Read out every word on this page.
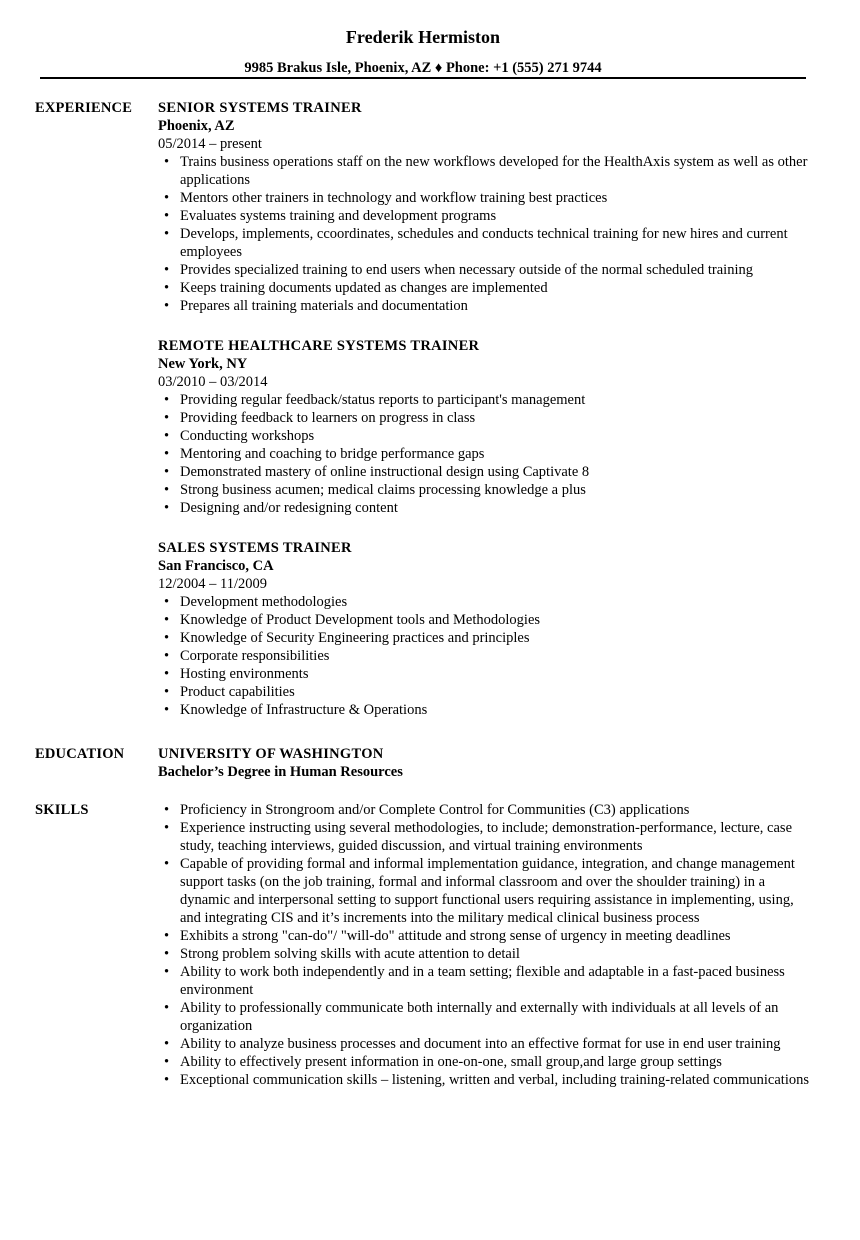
Frederik Hermiston
9985 Brakus Isle, Phoenix, AZ ♦ Phone: +1 (555) 271 9744
EXPERIENCE SENIOR SYSTEMS TRAINER
Phoenix, AZ
05/2014 – present
• Trains business operations staff on the new workflows developed for the HealthAxis system as well as other applications
• Mentors other trainers in technology and workflow training best practices
• Evaluates systems training and development programs
• Develops, implements, ccoordinates, schedules and conducts technical training for new hires and current employees
• Provides specialized training to end users when necessary outside of the normal scheduled training
• Keeps training documents updated as changes are implemented
• Prepares all training materials and documentation
REMOTE HEALTHCARE SYSTEMS TRAINER
New York, NY
03/2010 – 03/2014
• Providing regular feedback/status reports to participant's management
• Providing feedback to learners on progress in class
• Conducting workshops
• Mentoring and coaching to bridge performance gaps
• Demonstrated mastery of online instructional design using Captivate 8
• Strong business acumen; medical claims processing knowledge a plus
• Designing and/or redesigning content
SALES SYSTEMS TRAINER
San Francisco, CA
12/2004 – 11/2009
• Development methodologies
• Knowledge of Product Development tools and Methodologies
• Knowledge of Security Engineering practices and principles
• Corporate responsibilities
• Hosting environments
• Product capabilities
• Knowledge of Infrastructure & Operations
EDUCATION UNIVERSITY OF WASHINGTON
Bachelor’s Degree in Human Resources
SKILLS
•	Proficiency in Strongroom and/or Complete Control for Communities (C3) applications
• Experience instructing using several methodologies, to include; demonstration-performance, lecture, case study, teaching interviews, guided discussion, and virtual training environments
• Capable of providing formal and informal implementation guidance, integration, and change management support tasks (on the job training, formal and informal classroom and over the shoulder training) in a dynamic and interpersonal setting to support functional users requiring assistance in implementing, using, and integrating CIS and it’s increments into the military medical clinical business process
• Exhibits a strong "can-do"/ "will-do" attitude and strong sense of urgency in meeting deadlines
• Strong problem solving skills with acute attention to detail
• Ability to work both independently and in a team setting; flexible and adaptable in a fast-paced business environment
• Ability to professionally communicate both internally and externally with individuals at all levels of an organization
• Ability to analyze business processes and document into an effective format for use in end user training
• Ability to effectively present information in one-on-one, small group,and large group settings
• Exceptional communication skills – listening, written and verbal, including training-related communications
